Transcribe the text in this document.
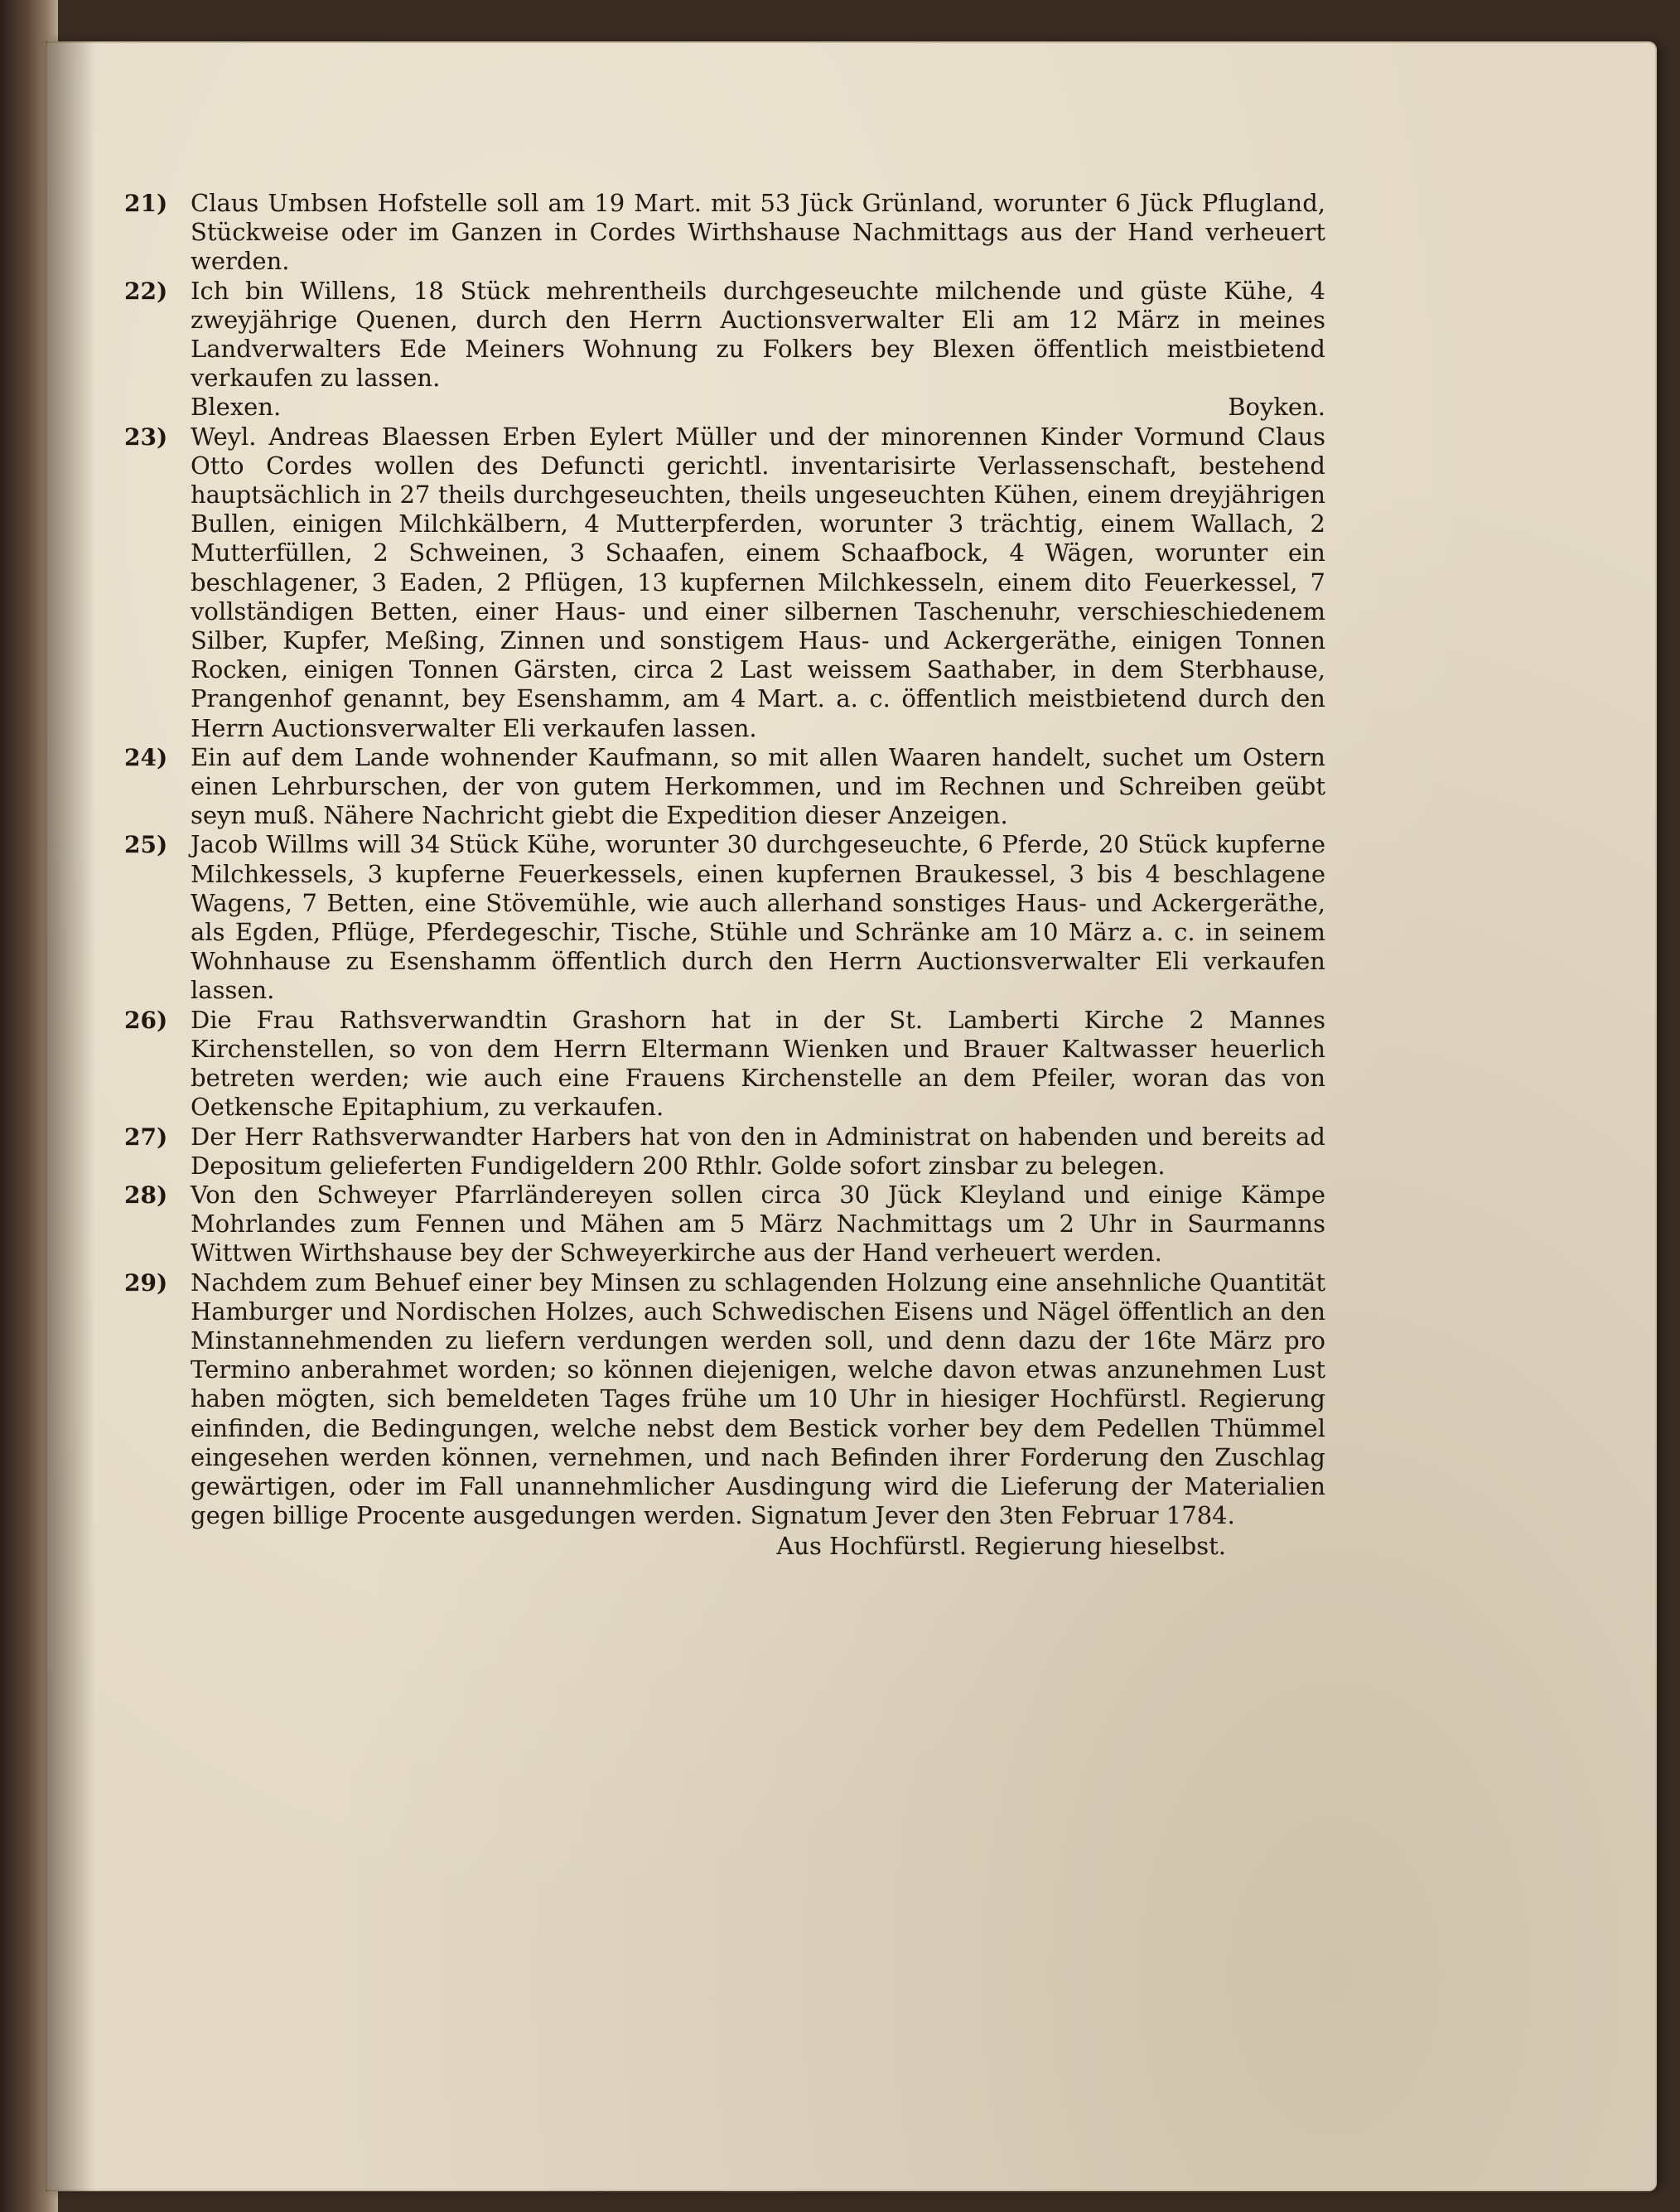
21) Claus Umbsen Hofstelle soll am 19 Mart. mit 53 Jück Grünland, worunter 6 Jück Pflugland, Stückweise oder im Ganzen in Cordes Wirthshause Nachmittags aus der Hand verheuert werden.
22) Ich bin Willens, 18 Stück mehrentheils durchgeseuchte milchende und güste Kühe, 4 zweyjährige Quenen, durch den Herrn Auctionsverwalter Eli am 12 März in meines Landverwalters Ede Meiners Wohnung zu Folkers bey Blexen öffentlich meistbietend verkaufen zu lassen.
Blexen.	Boyken.
23) Weyl. Andreas Blaessen Erben Eylert Müller und der minorennen Kinder Vormund Claus Otto Cordes wollen des Defuncti gerichtl. inventarisirte Verlassenschaft, bestehend hauptsächlich in 27 theils durchgeseuchten, theils ungeseuchten Kühen, einem dreyjährigen Bullen, einigen Milchkälbern, 4 Mutterpferden, worunter 3 trächtig, einem Wallach, 2 Mutterfüllen, 2 Schweinen, 3 Schaafen, einem Schaafbock, 4 Wägen, worunter ein beschlagener, 3 Eaden, 2 Pflügen, 13 kupfernen Milchkesseln, einem dito Feuerkessel, 7 vollständigen Betten, einer Haus- und einer silbernen Taschenuhr, verschieschiedenem Silber, Kupfer, Meßing, Zinnen und sonstigem Haus- und Ackergeräthe, einigen Tonnen Rocken, einigen Tonnen Gärsten, circa 2 Last weissem Saathaber, in dem Sterbhause, Prangenhof genannt, bey Esenshamm, am 4 Mart. a. c. öffentlich meistbietend durch den Herrn Auctionsverwalter Eli verkaufen lassen.
24) Ein auf dem Lande wohnender Kaufmann, so mit allen Waaren handelt, suchet um Ostern einen Lehrburschen, der von gutem Herkommen, und im Rechnen und Schreiben geübt seyn muß. Nähere Nachricht giebt die Expedition dieser Anzeigen.
25) Jacob Willms will 34 Stück Kühe, worunter 30 durchgeseuchte, 6 Pferde, 20 Stück kupferne Milchkessels, 3 kupferne Feuerkessels, einen kupfernen Braukessel, 3 bis 4 beschlagene Wagens, 7 Betten, eine Stövemühle, wie auch allerhand sonstiges Haus- und Ackergeräthe, als Egden, Pflüge, Pferdegeschir, Tische, Stühle und Schränke am 10 März a. c. in seinem Wohnhause zu Esenshamm öffentlich durch den Herrn Auctionsverwalter Eli verkaufen lassen.
26) Die Frau Rathsverwandtin Grashorn hat in der St. Lamberti Kirche 2 Mannes Kirchenstellen, so von dem Herrn Eltermann Wienken und Brauer Kaltwasser heuerlich betreten werden; wie auch eine Frauens Kirchenstelle an dem Pfeiler, woran das von Oetkensche Epitaphium, zu verkaufen.
27) Der Herr Rathsverwandter Harbers hat von den in Administrat on habenden und bereits ad Depositum gelieferten Fundigeldern 200 Rthlr. Golde sofort zinsbar zu belegen.
28) Von den Schweyer Pfarrländereyen sollen circa 30 Jück Kleyland und einige Kämpe Mohrlandes zum Fennen und Mähen am 5 März Nachmittags um 2 Uhr in Saurmanns Wittwen Wirthshause bey der Schweyerkirche aus der Hand verheuert werden.
29) Nachdem zum Behuef einer bey Minsen zu schlagenden Holzung eine ansehnliche Quantität Hamburger und Nordischen Holzes, auch Schwedischen Eisens und Nägel öffentlich an den Minstannehmenden zu liefern verdungen werden soll, und denn dazu der 16te März pro Termino anberahmet worden; so können diejenigen, welche davon etwas anzunehmen Lust haben mögten, sich bemeldeten Tages frühe um 10 Uhr in hiesiger Hochfürstl. Regierung einfinden, die Bedingungen, welche nebst dem Bestick vorher bey dem Pedellen Thümmel eingesehen werden können, vernehmen, und nach Befinden ihrer Forderung den Zuschlag gewärtigen, oder im Fall unannehmlicher Ausdingung wird die Lieferung der Materialien gegen billige Procente ausgedungen werden. Signatum Jever den 3ten Februar 1784.
Aus Hochfürstl. Regierung hieselbst.
